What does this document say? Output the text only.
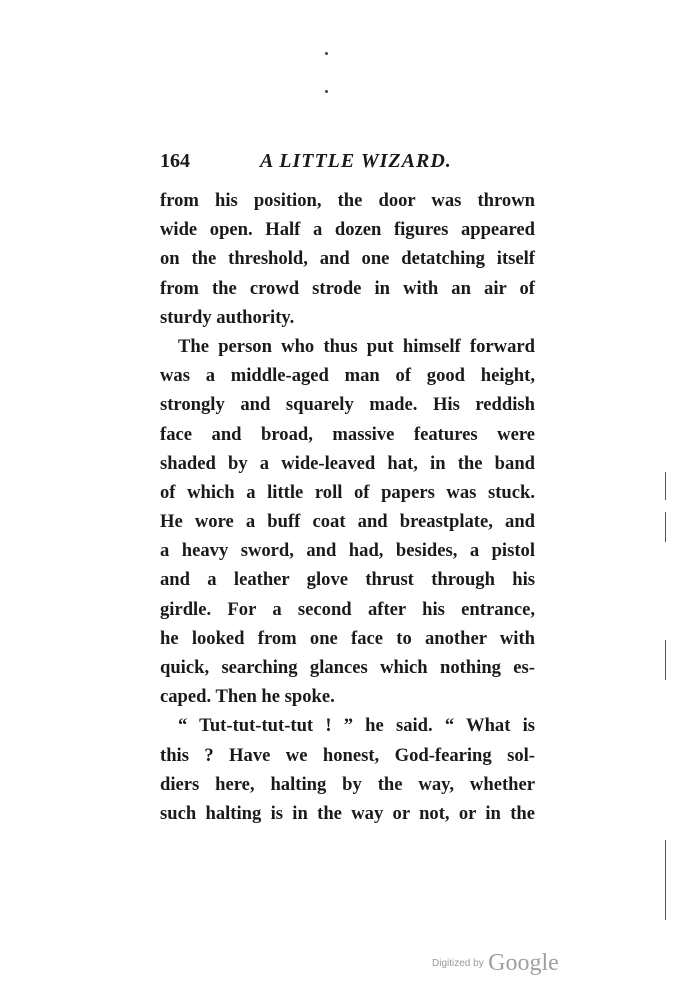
164	A LITTLE WIZARD.
from his position, the door was thrown
wide open. Half a dozen figures appeared
on the threshold, and one detatching itself
from the crowd strode in with an air of
sturdy authority.
The person who thus put himself forward
was a middle-aged man of good height,
strongly and squarely made. His reddish
face and broad, massive features were
shaded by a wide-leaved hat, in the band
of which a little roll of papers was stuck.
He wore a buff coat and breastplate, and
a heavy sword, and had, besides, a pistol
and a leather glove thrust through his
girdle. For a second after his entrance,
he looked from one face to another with
quick, searching glances which nothing es-
caped. Then he spoke.
“ Tut-tut-tut-tut ! ” he said. “ What is
this ? Have we honest, God-fearing sol-
diers here, halting by the way, whether
such halting is in the way or not, or in the
Digitized by Google
